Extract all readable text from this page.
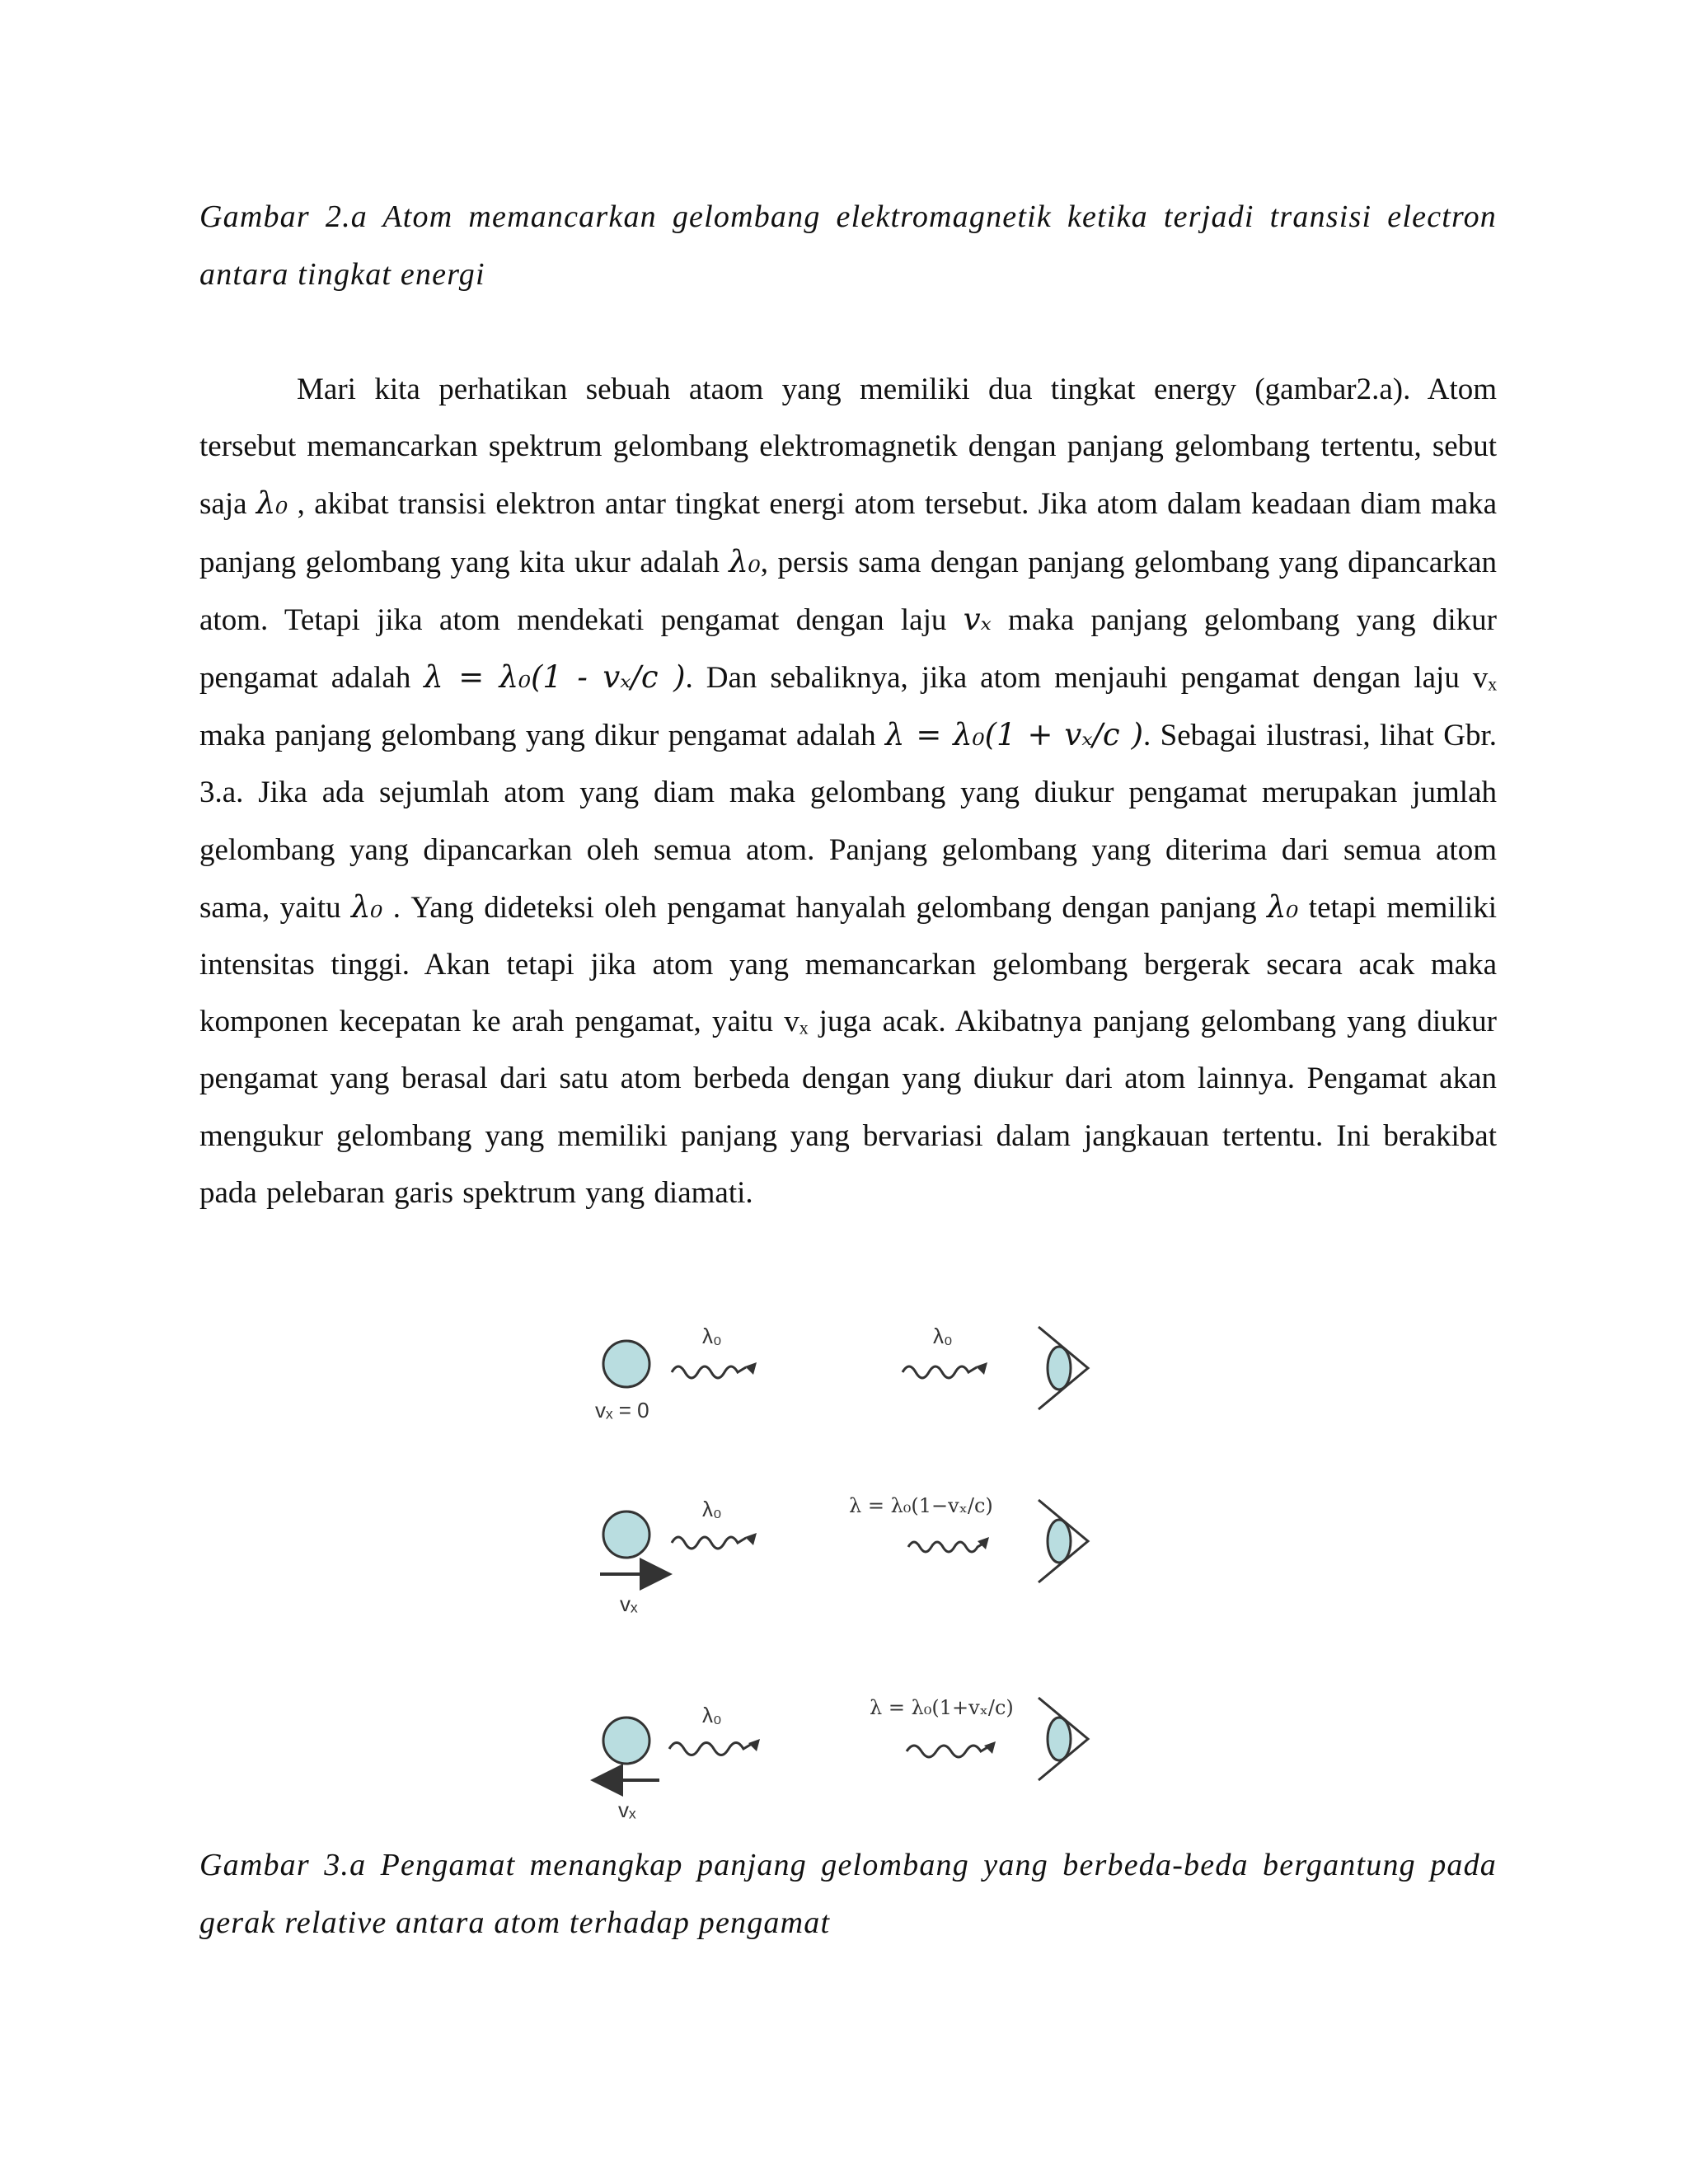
Gambar 2.a Atom memancarkan gelombang elektromagnetik ketika terjadi transisi electron antara tingkat energi

Mari kita perhatikan sebuah ataom yang memiliki dua tingkat energy (gambar2.a). Atom tersebut memancarkan spektrum gelombang elektromagnetik dengan panjang gelombang tertentu, sebut saja λ₀ , akibat transisi elektron antar tingkat energi atom tersebut. Jika atom dalam keadaan diam maka panjang gelombang yang kita ukur adalah λ₀, persis sama dengan panjang gelombang yang dipancarkan atom. Tetapi jika atom mendekati pengamat dengan laju vₓ maka panjang gelombang yang dikur pengamat adalah λ = λ₀(1 - vₓ/c ). Dan sebaliknya, jika atom menjauhi pengamat dengan laju vₓ maka panjang gelombang yang dikur pengamat adalah λ = λ₀(1 + vₓ/c ). Sebagai ilustrasi, lihat Gbr. 3.a. Jika ada sejumlah atom yang diam maka gelombang yang diukur pengamat merupakan jumlah gelombang yang dipancarkan oleh semua atom. Panjang gelombang yang diterima dari semua atom sama, yaitu λ₀ . Yang dideteksi oleh pengamat hanyalah gelombang dengan panjang λ₀ tetapi memiliki intensitas tinggi. Akan tetapi jika atom yang memancarkan gelombang bergerak secara acak maka komponen kecepatan ke arah pengamat, yaitu vₓ juga acak. Akibatnya panjang gelombang yang diukur pengamat yang berasal dari satu atom berbeda dengan yang diukur dari atom lainnya. Pengamat akan mengukur gelombang yang memiliki panjang yang bervariasi dalam jangkauan tertentu. Ini berakibat pada pelebaran garis spektrum yang diamati.

λ₀
vₓ = 0
λ₀
λ₀
vₓ
λ = λ₀(1−vₓ/c)
λ₀
vₓ
λ = λ₀(1+vₓ/c)
Gambar 3.a Pengamat menangkap panjang gelombang yang berbeda-beda bergantung pada gerak relative antara atom terhadap pengamat
